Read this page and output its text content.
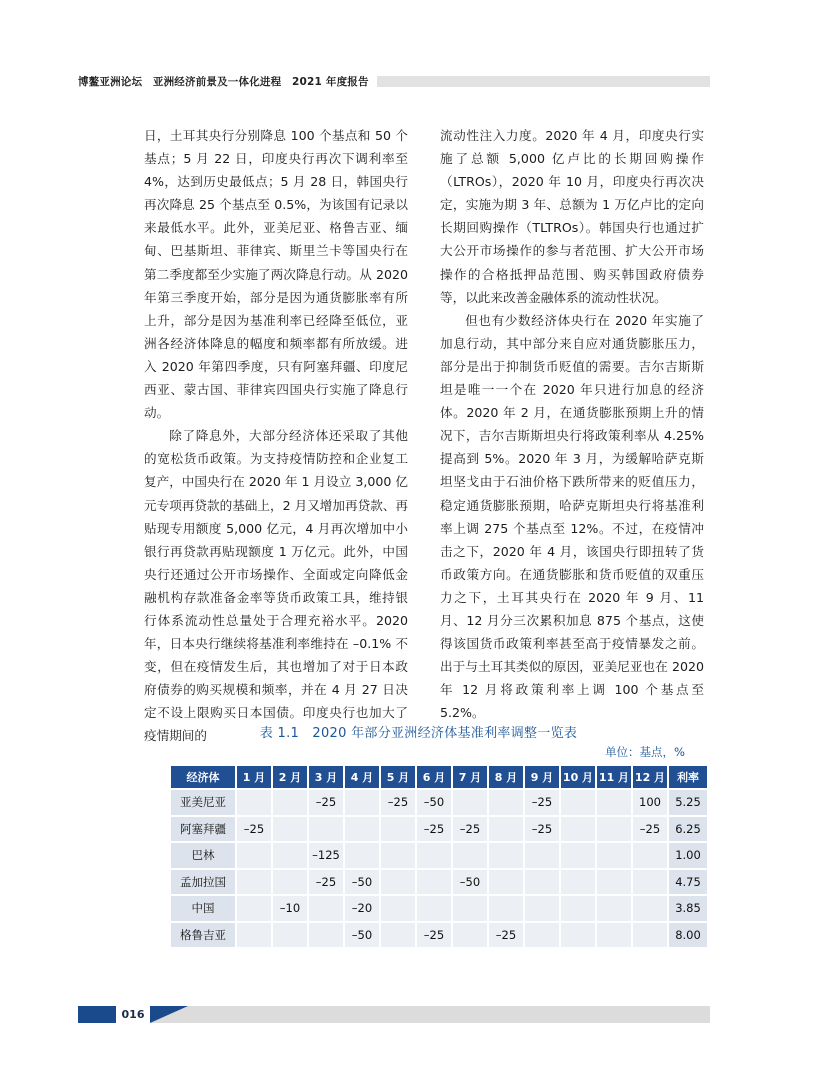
博鳌亚洲论坛　亚洲经济前景及一体化进程　2021 年度报告

日，土耳其央行分别降息 100 个基点和 50 个基点；5 月 22 日，印度央行再次下调利率至 4%，达到历史最低点；5 月 28 日，韩国央行再次降息 25 个基点至 0.5%，为该国有记录以来最低水平。此外，亚美尼亚、格鲁吉亚、缅甸、巴基斯坦、菲律宾、斯里兰卡等国央行在第二季度都至少实施了两次降息行动。从 2020 年第三季度开始，部分是因为通货膨胀率有所上升，部分是因为基准利率已经降至低位，亚洲各经济体降息的幅度和频率都有所放缓。进入 2020 年第四季度，只有阿塞拜疆、印度尼西亚、蒙古国、菲律宾四国央行实施了降息行动。

除了降息外，大部分经济体还采取了其他的宽松货币政策。为支持疫情防控和企业复工复产，中国央行在 2020 年 1 月设立 3,000 亿元专项再贷款的基础上，2 月又增加再贷款、再贴现专用额度 5,000 亿元，4 月再次增加中小银行再贷款再贴现额度 1 万亿元。此外，中国央行还通过公开市场操作、全面或定向降低金融机构存款准备金率等货币政策工具，维持银行体系流动性总量处于合理充裕水平。2020 年，日本央行继续将基准利率维持在 –0.1% 不变，但在疫情发生后，其也增加了对于日本政府债券的购买规模和频率，并在 4 月 27 日决定不设上限购买日本国债。印度央行也加大了疫情期间的

流动性注入力度。2020 年 4 月，印度央行实施了总额 5,000 亿卢比的长期回购操作（LTROs），2020 年 10 月，印度央行再次决定，实施为期 3 年、总额为 1 万亿卢比的定向长期回购操作（TLTROs）。韩国央行也通过扩大公开市场操作的参与者范围、扩大公开市场操作的合格抵押品范围、购买韩国政府债券等，以此来改善金融体系的流动性状况。

但也有少数经济体央行在 2020 年实施了加息行动，其中部分来自应对通货膨胀压力，部分是出于抑制货币贬值的需要。吉尔吉斯斯坦是唯一一个在 2020 年只进行加息的经济体。2020 年 2 月，在通货膨胀预期上升的情况下，吉尔吉斯斯坦央行将政策利率从 4.25% 提高到 5%。2020 年 3 月，为缓解哈萨克斯坦坚戈由于石油价格下跌所带来的贬值压力，稳定通货膨胀预期，哈萨克斯坦央行将基准利率上调 275 个基点至 12%。不过，在疫情冲击之下，2020 年 4 月，该国央行即扭转了货币政策方向。在通货膨胀和货币贬值的双重压力之下，土耳其央行在 2020 年 9 月、11 月、12 月分三次累积加息 875 个基点，这使得该国货币政策利率甚至高于疫情暴发之前。出于与土耳其类似的原因，亚美尼亚也在 2020 年 12 月将政策利率上调 100 个基点至 5.2%。

表 1.1　2020 年部分亚洲经济体基准利率调整一览表
单位：基点，%
经济体	1 月	2 月	3 月	4 月	5 月	6 月	7 月	8 月	9 月	10 月	11 月	12 月	利率
亚美尼亚			–25		–25	–50			–25			100	5.25
阿塞拜疆	–25					–25	–25		–25			–25	6.25
巴林			–125										1.00
孟加拉国			–25	–50			–50						4.75
中国		–10		–20									3.85
格鲁吉亚				–50		–25		–25					8.00
016
